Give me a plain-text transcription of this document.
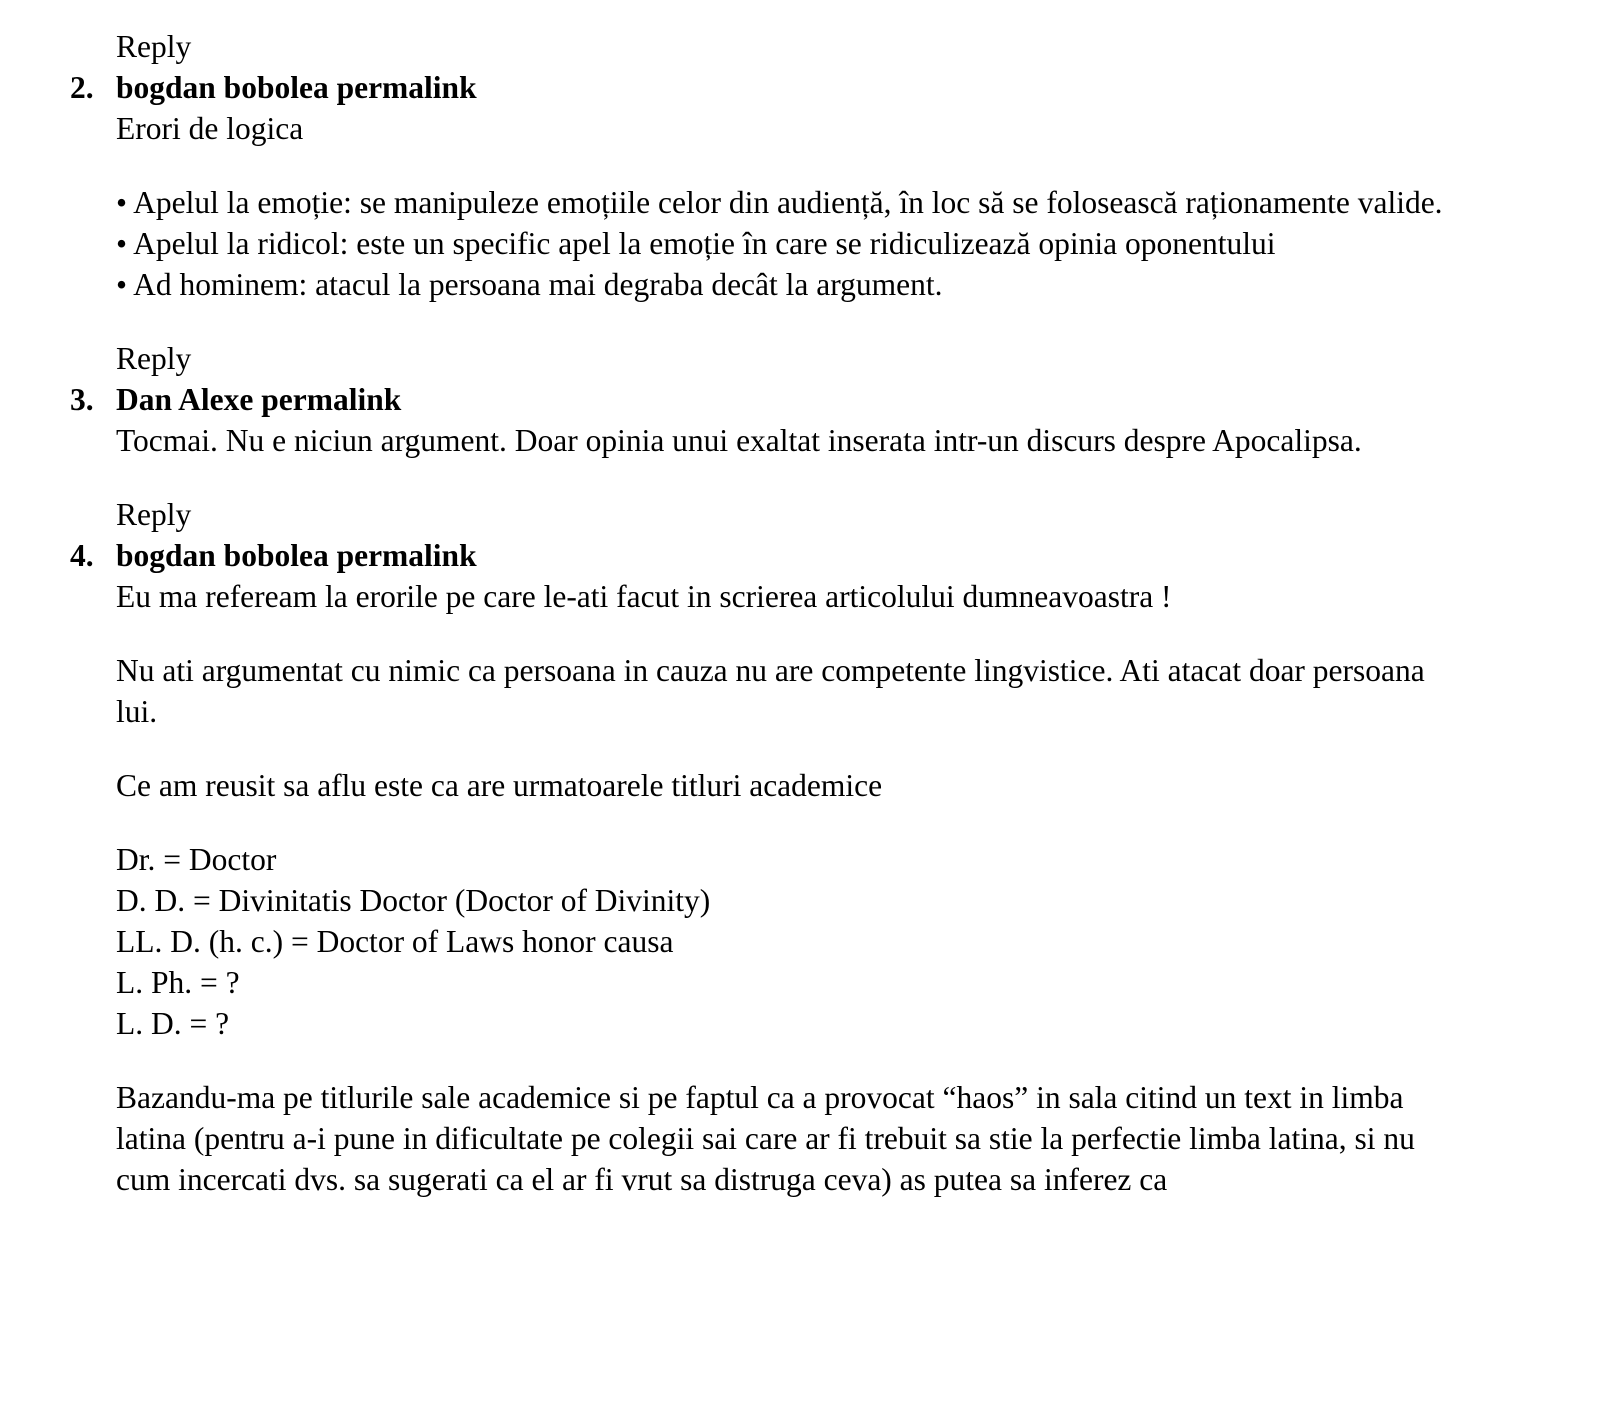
Reply
2. bogdan bobolea permalink
Erori de logica
• Apelul la emoție: se manipuleze emoțiile celor din audiență, în loc să se folosească raționamente valide.
• Apelul la ridicol: este un specific apel la emoție în care se ridiculizează opinia oponentului
• Ad hominem: atacul la persoana mai degraba decât la argument.
Reply
3. Dan Alexe permalink
Tocmai. Nu e niciun argument. Doar opinia unui exaltat inserata intr-un discurs despre Apocalipsa.
Reply
4. bogdan bobolea permalink
Eu ma refeream la erorile pe care le-ati facut in scrierea articolului dumneavoastra !
Nu ati argumentat cu nimic ca persoana in cauza nu are competente lingvistice. Ati atacat doar persoana lui.
Ce am reusit sa aflu este ca are urmatoarele titluri academice
Dr. = Doctor
D. D. = Divinitatis Doctor (Doctor of Divinity)
LL. D. (h. c.) = Doctor of Laws honor causa
L. Ph. = ?
L. D. = ?
Bazandu-ma pe titlurile sale academice si pe faptul ca a provocat “haos” in sala citind un text in limba latina (pentru a-i pune in dificultate pe colegii sai care ar fi trebuit sa stie la perfectie limba latina, si nu cum incercati dvs. sa sugerati ca el ar fi vrut sa distruga ceva) as putea sa inferez ca
